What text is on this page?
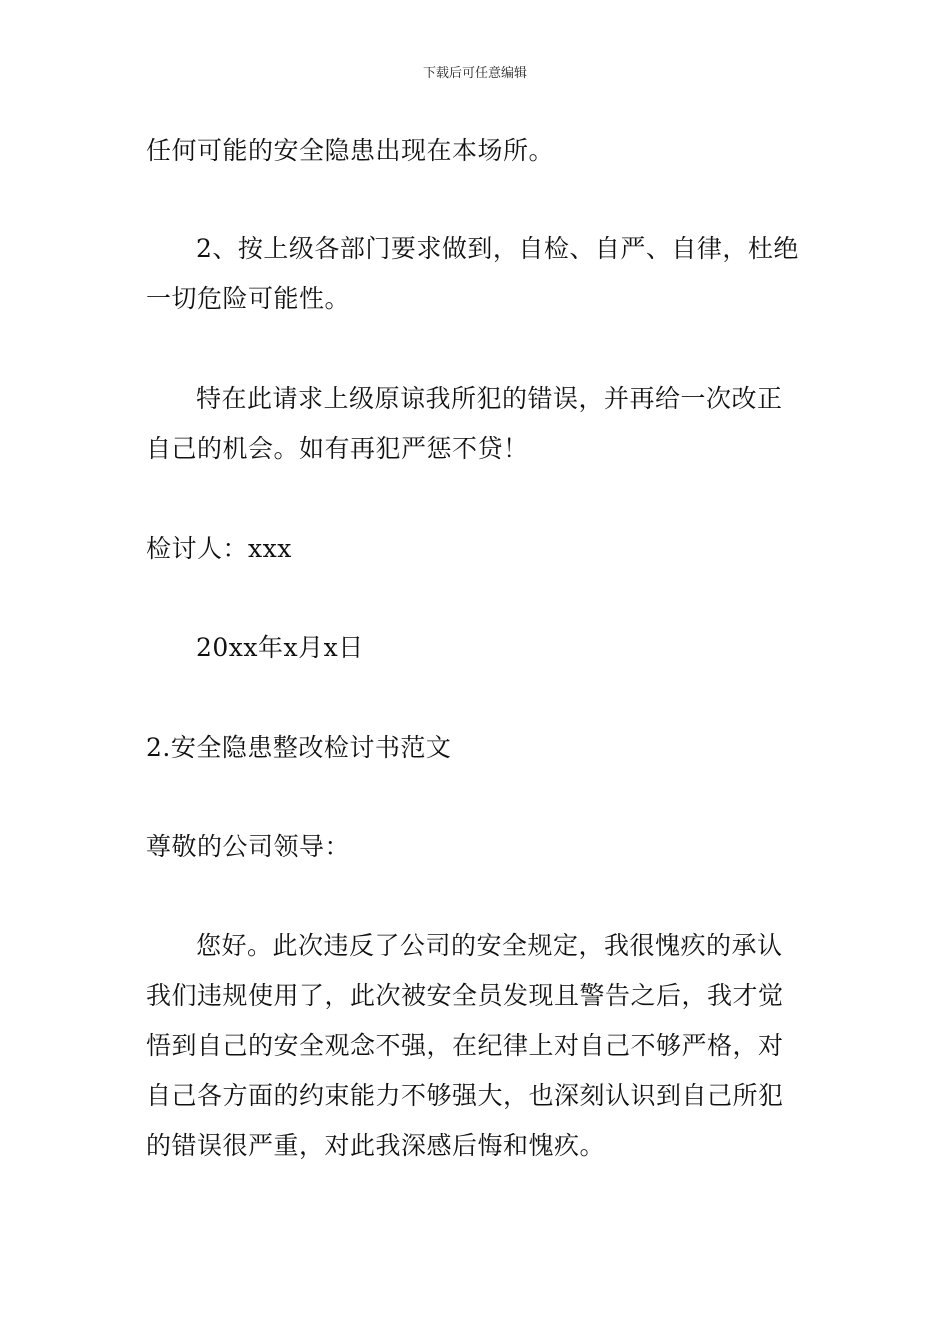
下载后可任意编辑
任何可能的安全隐患出现在本场所。
2、按上级各部门要求做到，自检、自严、自律，杜绝
一切危险可能性。
特在此请求上级原谅我所犯的错误，并再给一次改正
自己的机会。如有再犯严惩不贷！
检讨人：xxx
20xx年x月x日
2.安全隐患整改检讨书范文
尊敬的公司领导：
您好。此次违反了公司的安全规定，我很愧疚的承认
我们违规使用了，此次被安全员发现且警告之后，我才觉
悟到自己的安全观念不强，在纪律上对自己不够严格，对
自己各方面的约束能力不够强大，也深刻认识到自己所犯
的错误很严重，对此我深感后悔和愧疚。
